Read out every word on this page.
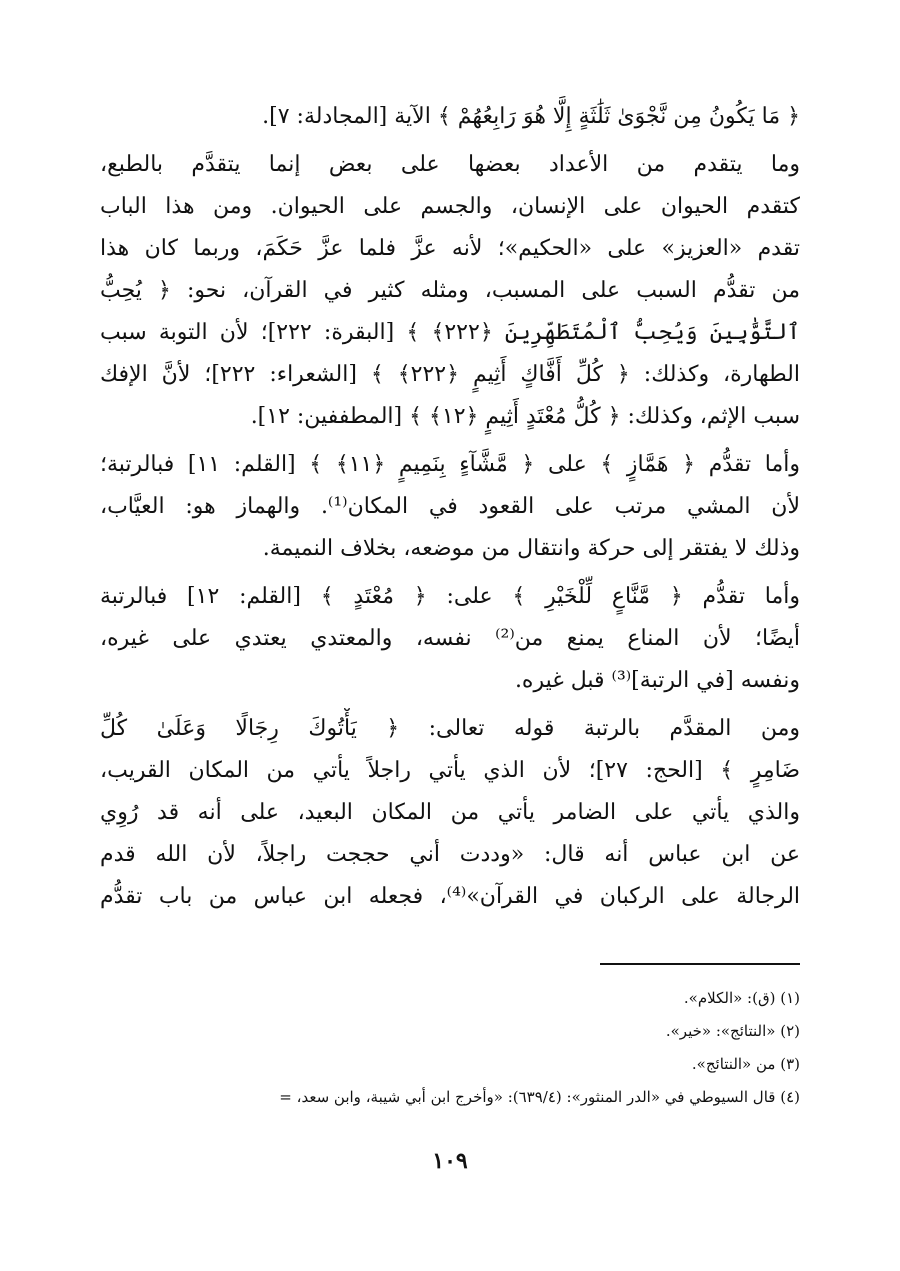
﴿ مَا يَكُونُ مِن نَّجْوَىٰ ثَلَٰثَةٍ إِلَّا هُوَ رَابِعُهُمْ ﴾ الآية [المجادلة: ٧].
وما يتقدم من الأعداد بعضها على بعض إنما يتقدَّم بالطبع،
كتقدم الحيوان على الإنسان، والجسم على الحيوان. ومن هذا الباب
تقدم «العزيز» على «الحكيم»؛ لأنه عزَّ فلما عزَّ حَكَمَ، وربما كان هذا
من تقدُّم السبب على المسبب، ومثله كثير في القرآن، نحو: ﴿ يُحِبُّ
ٱلتَّوَّٰبِينَ وَيُحِبُّ ٱلْمُتَطَهِّرِينَ ﴿٢٢٢﴾ ﴾ [البقرة: ٢٢٢]؛ لأن التوبة سبب
الطهارة، وكذلك: ﴿ كُلِّ أَفَّاكٍ أَثِيمٍ ﴿٢٢٢﴾ ﴾ [الشعراء: ٢٢٢]؛ لأنَّ الإفك
سبب الإثم، وكذلك: ﴿ كُلُّ مُعْتَدٍ أَثِيمٍ ﴿١٢﴾ ﴾ [المطففين: ١٢].
وأما تقدُّم ﴿ هَمَّازٍ ﴾ على ﴿ مَّشَّآءٍ بِنَمِيمٍ ﴿١١﴾ ﴾ [القلم: ١١] فبالرتبة؛
لأن المشي مرتب على القعود في المكان⁽¹⁾. والهماز هو: العيَّاب،
وذلك لا يفتقر إلى حركة وانتقال من موضعه، بخلاف النميمة.
وأما تقدُّم ﴿ مَّنَّاعٍ لِّلْخَيْرِ ﴾ على: ﴿ مُعْتَدٍ ﴾ [القلم: ١٢] فبالرتبة
أيضًا؛ لأن المناع يمنع من⁽²⁾ نفسه، والمعتدي يعتدي على غيره،
ونفسه [في الرتبة]⁽³⁾ قبل غيره.
ومن المقدَّم بالرتبة قوله تعالى: ﴿ يَأْتُوكَ رِجَالًا وَعَلَىٰ كُلِّ
ضَامِرٍ ﴾ [الحج: ٢٧]؛ لأن الذي يأتي راجلاً يأتي من المكان القريب،
والذي يأتي على الضامر يأتي من المكان البعيد، على أنه قد رُوِي
عن ابن عباس أنه قال: «وددت أني حججت راجلاً، لأن الله قدم
الرجالة على الركبان في القرآن»⁽⁴⁾، فجعله ابن عباس من باب تقدُّم
(١) (ق): «الكلام».
(٢) «النتائج»: «خير».
(٣) من «النتائج».
(٤) قال السيوطي في «الدر المنثور»: (٦٣٩/٤): «وأخرج ابن أبي شيبة، وابن سعد، =
١٠٩
